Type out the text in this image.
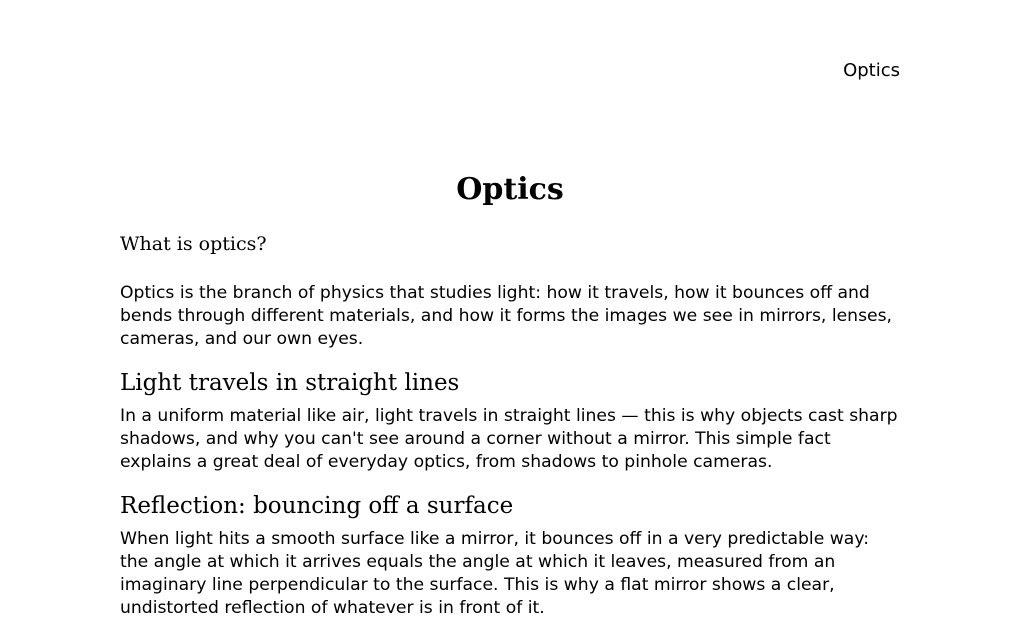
Optics

Optics

What is optics?

Optics is the branch of physics that studies light: how it travels, how it bounces off and bends through different materials, and how it forms the images we see in mirrors, lenses, cameras, and our own eyes.

Light travels in straight lines

In a uniform material like air, light travels in straight lines — this is why objects cast sharp shadows, and why you can't see around a corner without a mirror. This simple fact explains a great deal of everyday optics, from shadows to pinhole cameras.

Reflection: bouncing off a surface

When light hits a smooth surface like a mirror, it bounces off in a very predictable way: the angle at which it arrives equals the angle at which it leaves, measured from an imaginary line perpendicular to the surface. This is why a flat mirror shows a clear, undistorted reflection of whatever is in front of it.
